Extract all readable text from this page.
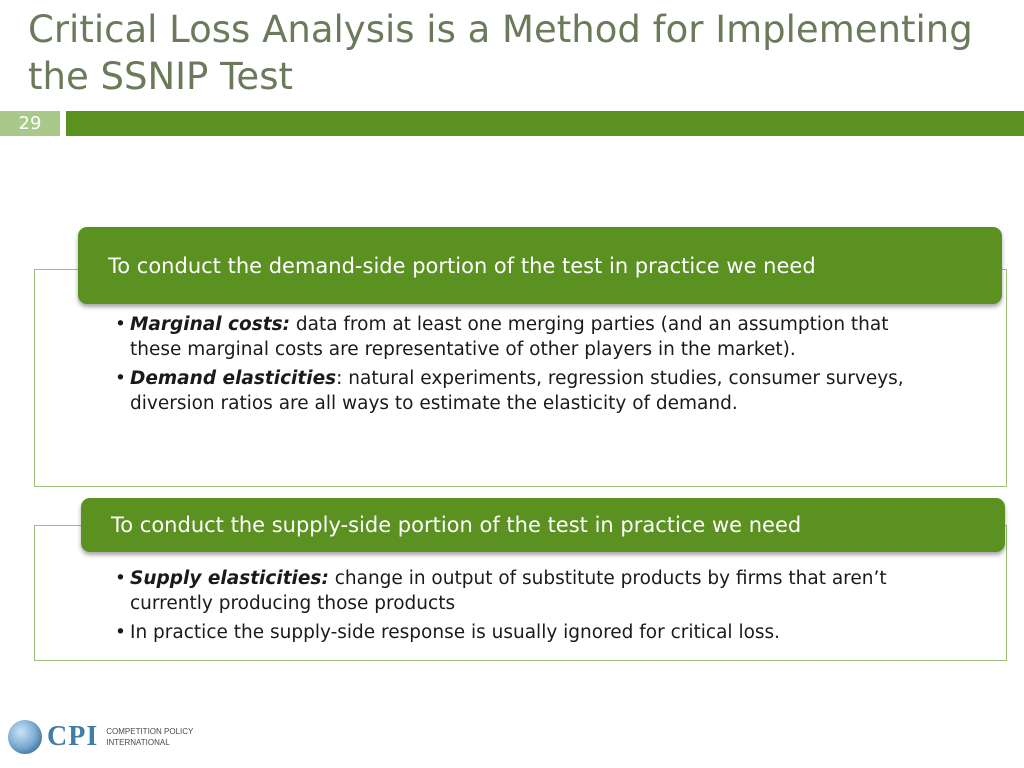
Critical Loss Analysis is a Method for Implementing the SSNIP Test
29
To conduct the demand-side portion of the test in practice we need
• Marginal costs: data from at least one merging parties (and an assumption that these marginal costs are representative of other players in the market).
• Demand elasticities: natural experiments, regression studies, consumer surveys, diversion ratios are all ways to estimate the elasticity of demand.
To conduct the supply-side portion of the test in practice we need
• Supply elasticities: change in output of substitute products by firms that aren’t currently producing those products
• In practice the supply-side response is usually ignored for critical loss.
CPI COMPETITION POLICY
INTERNATIONAL
